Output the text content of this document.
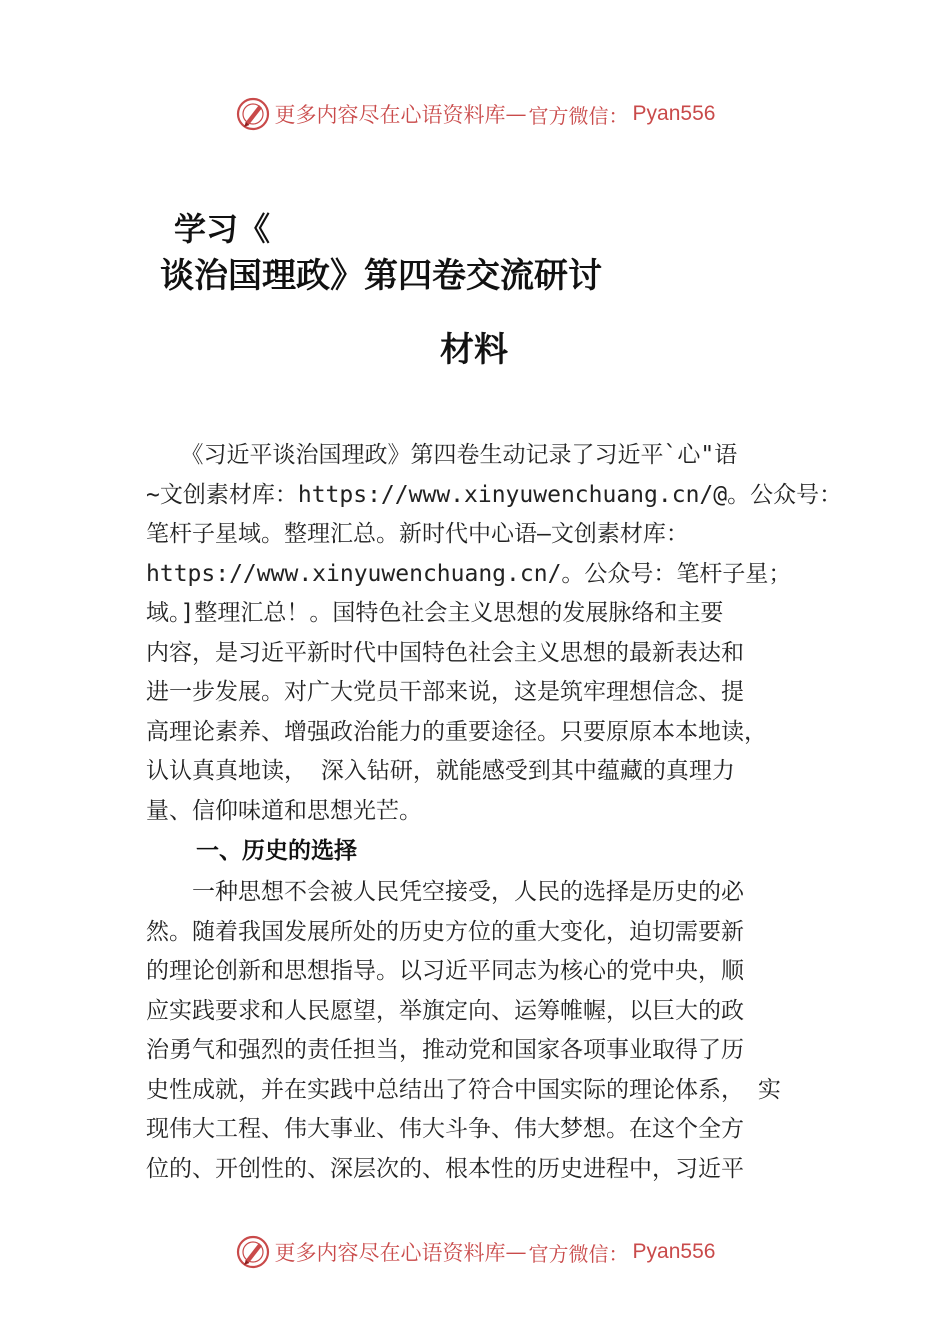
更多内容尽在心语资料库 — 官方微信： Pyan556
学习《
谈治国理政》第四卷交流研讨
材料
　　《习近平谈治国理政》第四卷生动记录了习近平`心"语
~文创素材库：https://www.xinyuwenchuang.cn/@。公众号：
笔杆子星域。整理汇总。新时代中心语—文创素材库：
https://www.xinyuwenchuang.cn/。公众号：笔杆子星；
域。]整理汇总！。国特色社会主义思想的发展脉络和主要
内容，是习近平新时代中国特色社会主义思想的最新表达和
进一步发展。对广大党员干部来说，这是筑牢理想信念、提
高理论素养、增强政治能力的重要途径。只要原原本本地读，
认认真真地读， 深入钻研，就能感受到其中蕴藏的真理力
量、信仰味道和思想光芒。
一、历史的选择
　　一种思想不会被人民凭空接受，人民的选择是历史的必
然。随着我国发展所处的历史方位的重大变化，迫切需要新
的理论创新和思想指导。以习近平同志为核心的党中央，顺
应实践要求和人民愿望，举旗定向、运筹帷幄，以巨大的政
治勇气和强烈的责任担当，推动党和国家各项事业取得了历
史性成就，并在实践中总结出了符合中国实际的理论体系， 实
现伟大工程、伟大事业、伟大斗争、伟大梦想。在这个全方
位的、开创性的、深层次的、根本性的历史进程中，习近平
更多内容尽在心语资料库 — 官方微信： Pyan556
